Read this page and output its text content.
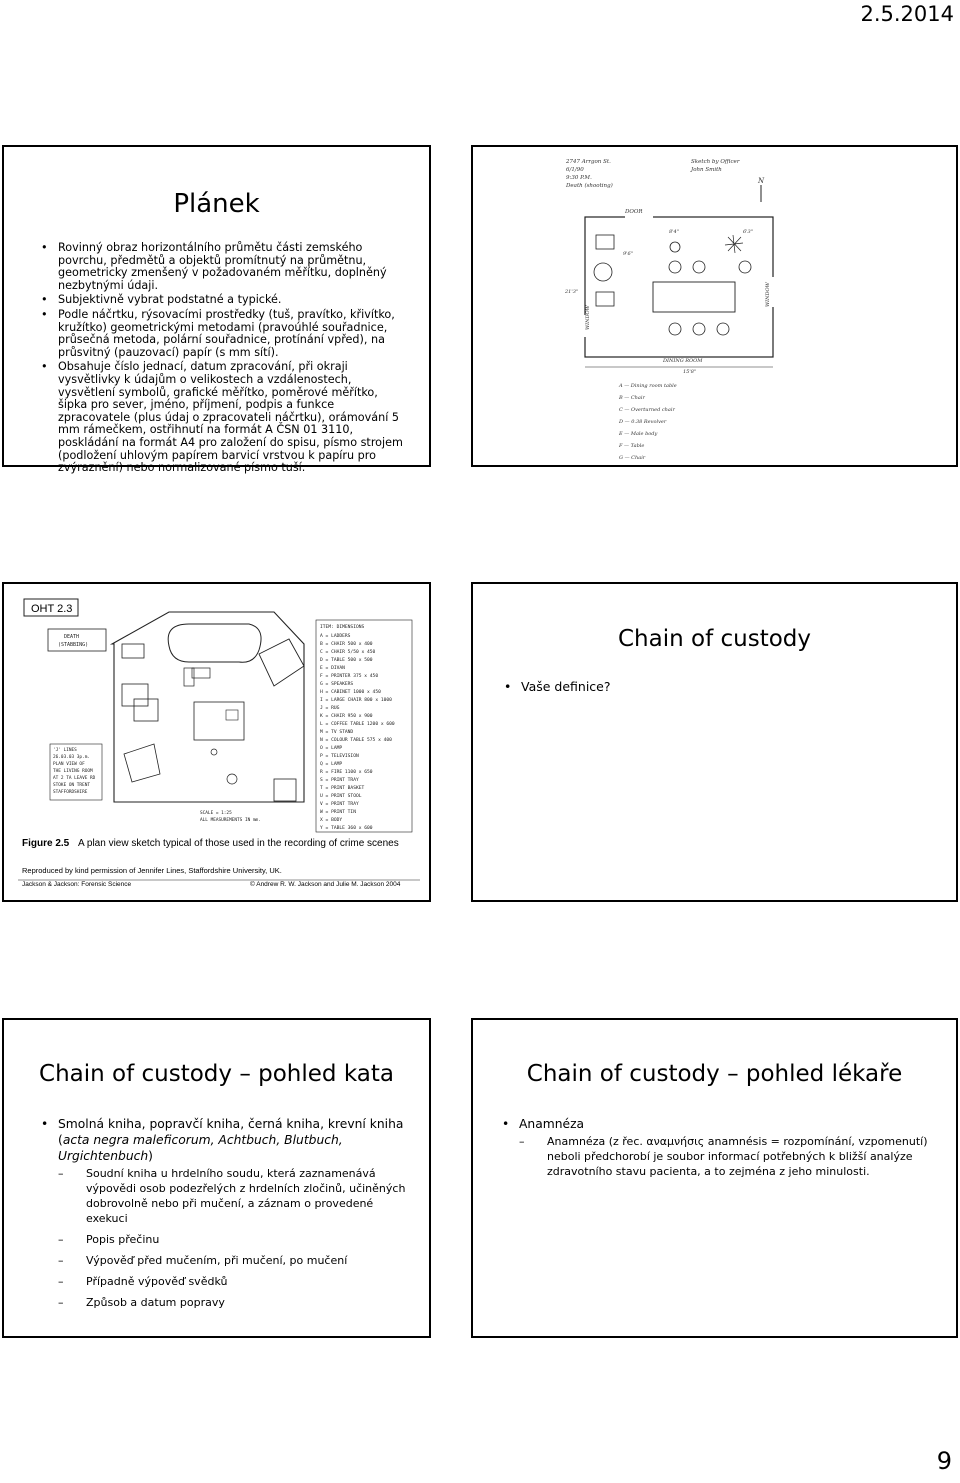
2.5.2014
Plánek
• Rovinný obraz horizontálního průmětu části zemského povrchu, předmětů a objektů promítnutý na průmětnu, geometricky zmenšený v požadovaném měřítku, doplněný nezbytnými údaji.
• Subjektivně vybrat podstatné a typické.
• Podle náčrtku, rýsovacími prostředky (tuš, pravítko, křivítko, kružítko) geometrickými metodami (pravoúhlé souřadnice, průsečná metoda, polární souřadnice, protínání vpřed), na průsvitný (pauzovací) papír (s mm sítí).
• Obsahuje číslo jednací, datum zpracování, při okraji vysvětlivky k údajům o velikostech a vzdálenostech, vysvětlení symbolů, grafické měřítko, poměrové měřítko, šipka pro sever, jméno, příjmení, podpis a funkce zpracovatele (plus údaj o zpracovateli náčrtku), orámování 5 mm rámečkem, ostřihnutí na formát A ČSN 01 3110, poskládání na formát A4 pro založení do spisu, písmo strojem (podložení uhlovým papírem barvicí vrstvou k papíru pro zvýraznění) nebo normalizované písmo tuší.
2747 Arrgon St.
6/1/90
9:30 P.M.
Death (shooting)
Sketch by Officer
John Smith
N
DOOR
WINDOW
WINDOW
9'6"
8'4"	6'3"
21'3"
15'8"
DINING ROOM
A — Dining room table
B — Chair
C — Overturned chair
D — 0.38 Revolver
E — Male body
F — Table
G — Chair
OHT 2.3
DEATH
(STABBING)
ITEM: DIMENSIONS
A = LADDERS
B = CHAIR 500 x 400
C = CHAIR 5/50 x 450
D = TABLE 500 x 500
E = DIVAN
F = PRINTER 375 x 450
G = SPEAKERS
H = CABINET 1000 x 450
I = LARGE CHAIR 800 x 1000
J = RUG
K = CHAIR 950 x 900
L = COFFEE TABLE 1200 x 600
M = TV STAND
N = COLOUR TABLE 575 x 400
O = LAMP
P = TELEVISION
Q = LAMP
R = FIRE 1100 x 650
S = PRINT TRAY
T = PRINT BASKET
U = PRINT STOOL
V = PRINT TRAY
W = PRINT TIN
X = BODY
Y = TABLE 360 x 600
'J' LINES
26.03.03 3p.m.
PLAN VIEW OF
THE LIVING ROOM
AT 2 TA LEAVE RD
STOKE ON TRENT
STAFFORDSHIRE
SCALE = 1:25
ALL MEASUREMENTS IN mm.
Figure 2.5 A plan view sketch typical of those used in the recording of crime scenes
Reproduced by kind permission of Jennifer Lines, Staffordshire University, UK.
Jackson & Jackson: Forensic Science	© Andrew R. W. Jackson and Julie M. Jackson 2004
Chain of custody
• Vaše definice?
Chain of custody – pohled kata
• Smolná kniha, popravčí kniha, černá kniha, krevní kniha (acta negra maleficorum, Achtbuch, Blutbuch, Urgichtenbuch)
– Soudní kniha u hrdelního soudu, která zaznamenává výpovědi osob podezřelých z hrdelních zločinů, učiněných dobrovolně nebo při mučení, a záznam o provedené exekuci
– Popis přečinu
– Výpověď před mučením, při mučení, po mučení
– Případně výpověď svědků
– Způsob a datum popravy
Chain of custody – pohled lékaře
• Anamnéza
– Anamnéza (z řec. αναμνήσις anamnésis = rozpomínání, vzpomenutí) neboli předchorobí je soubor informací potřebných k bližší analýze zdravotního stavu pacienta, a to zejména z jeho minulosti.
9
